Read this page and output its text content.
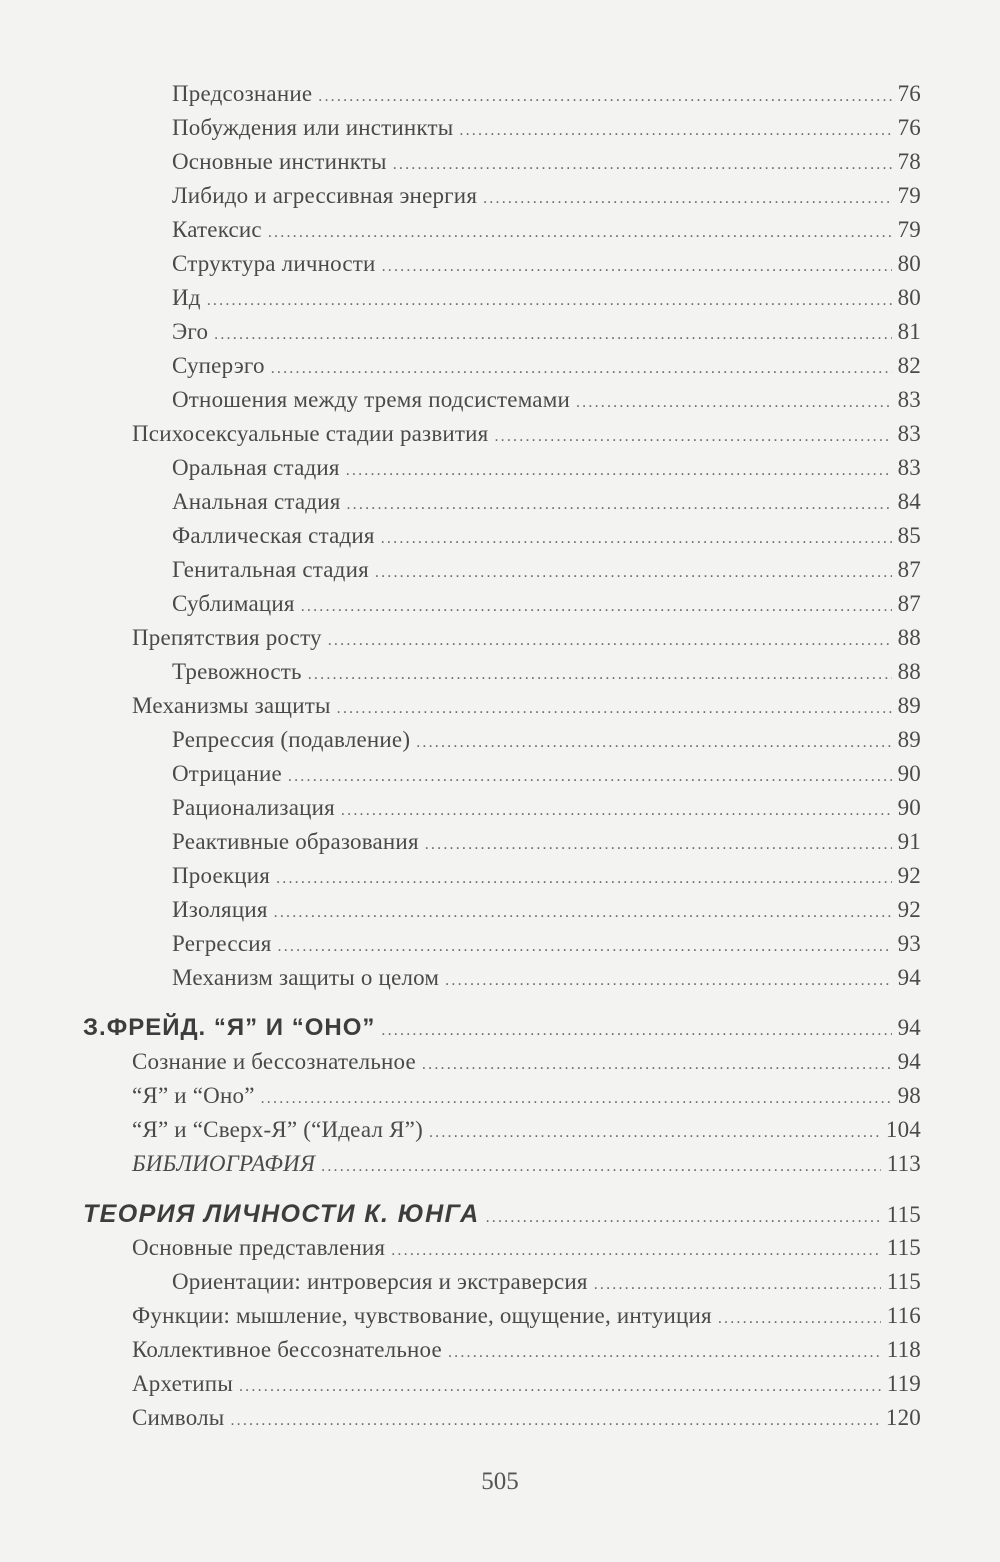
Предсознание .....	76
Побуждения или инстинкты .....	76
Основные инстинкты .....	78
Либидо и агрессивная энергия .....	79
Катексис .....	79
Структура личности .....	80
Ид .....	80
Эго .....	81
Суперэго .....	82
Отношения между тремя подсистемами .....	83
Психосексуальные стадии развития .....	83
Оральная стадия .....	83
Анальная стадия .....	84
Фаллическая стадия .....	85
Генитальная стадия .....	87
Сублимация .....	87
Препятствия росту .....	88
Тревожность .....	88
Механизмы защиты .....	89
Репрессия (подавление) .....	89
Отрицание .....	90
Рационализация .....	90
Реактивные образования .....	91
Проекция .....	92
Изоляция .....	92
Регрессия .....	93
Механизм защиты о целом .....	94
З.ФРЕЙД. “Я” И “ОНО” .....	94
Сознание и бессознательное .....	94
“Я” и “Оно” .....	98
“Я” и “Сверх-Я” (“Идеал Я”) .....	104
БИБЛИОГРАФИЯ .....	113
ТЕОРИЯ ЛИЧНОСТИ К. ЮНГА .....	115
Основные представления .....	115
Ориентации: интроверсия и экстраверсия .....	115
Функции: мышление, чувствование, ощущение, интуиция .....	116
Коллективное бессознательное .....	118
Архетипы .....	119
Символы .....	120
505
